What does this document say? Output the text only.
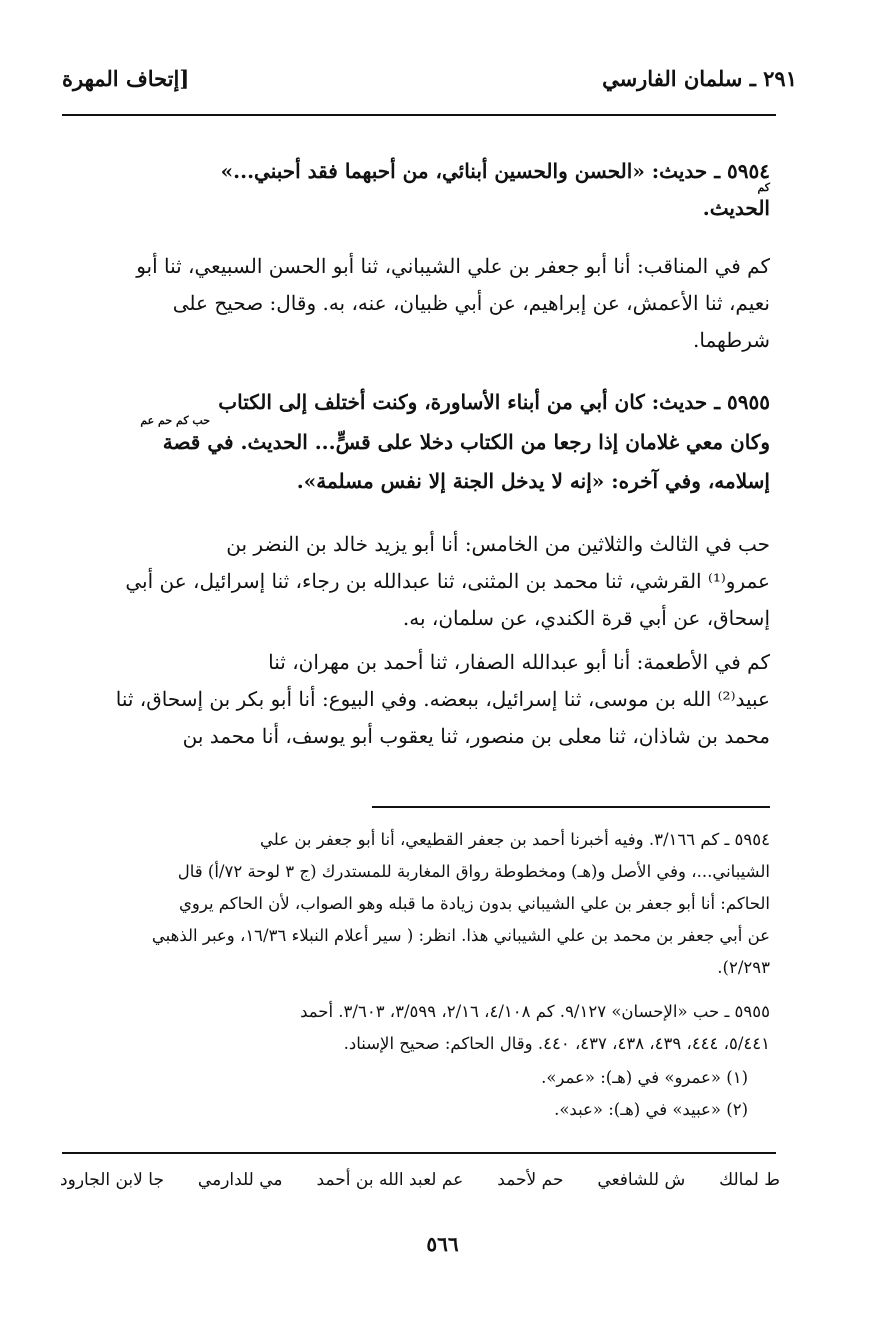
٢٩١ ـ سلمان الفارسي
[إتحاف المهرة
٥٩٥٤ ـ حديث: «الحسن والحسين أبنائي، من أحبهما فقد أحبني...»
كم
الحديث.
كم في المناقب: أنا أبو جعفر بن علي الشيباني، ثنا أبو الحسن السبيعي، ثنا أبو
نعيم، ثنا الأعمش، عن إبراهيم، عن أبي ظبيان، عنه، به. وقال: صحيح على
شرطهما.
٥٩٥٥ ـ حديث: كان أبي من أبناء الأساورة، وكنت أختلف إلى الكتاب
حب كم حم عم
وكان معي غلامان إذا رجعا من الكتاب دخلا على قسٍّ... الحديث. في قصة
إسلامه، وفي آخره: «إنه لا يدخل الجنة إلا نفس مسلمة».
حب في الثالث والثلاثين من الخامس: أنا أبو يزيد خالد بن النضر بن
عمرو⁽¹⁾ القرشي، ثنا محمد بن المثنى، ثنا عبدالله بن رجاء، ثنا إسرائيل، عن أبي
إسحاق، عن أبي قرة الكندي، عن سلمان، به.
كم في الأطعمة: أنا أبو عبدالله الصفار، ثنا أحمد بن مهران، ثنا
عبيد⁽²⁾ الله بن موسى، ثنا إسرائيل، ببعضه. وفي البيوع: أنا أبو بكر بن إسحاق، ثنا
محمد بن شاذان، ثنا معلى بن منصور، ثنا يعقوب أبو يوسف، أنا محمد بن
٥٩٥٤ ـ كم ٣/١٦٦. وفيه أخبرنا أحمد بن جعفر القطيعي، أنا أبو جعفر بن علي
الشيباني...، وفي الأصل و(هـ) ومخطوطة رواق المغاربة للمستدرك (ج ٣ لوحة ٧٢/أ) قال
الحاكم: أنا أبو جعفر بن علي الشيباني بدون زيادة ما قبله وهو الصواب، لأن الحاكم يروي
عن أبي جعفر بن محمد بن علي الشيباني هذا. انظر: ( سير أعلام النبلاء ١٦/٣٦، وعبر الذهبي
٢/٢٩٣).
٥٩٥٥ ـ حب «الإحسان» ٩/١٢٧. كم ٤/١٠٨، ٢/١٦، ٣/٥٩٩، ٣/٦٠٣. أحمد
٥/٤٤١، ٤٤٤، ٤٣٩، ٤٣٨، ٤٣٧، ٤٤٠. وقال الحاكم: صحيح الإسناد.
(١) «عمرو» في (هـ): «عمر».
(٢) «عبيد» في (هـ): «عبد».
ط لمالك
ش للشافعي
حم لأحمد
عم لعبد الله بن أحمد
مي للدارمي
جا لابن الجارود
٥٦٦
